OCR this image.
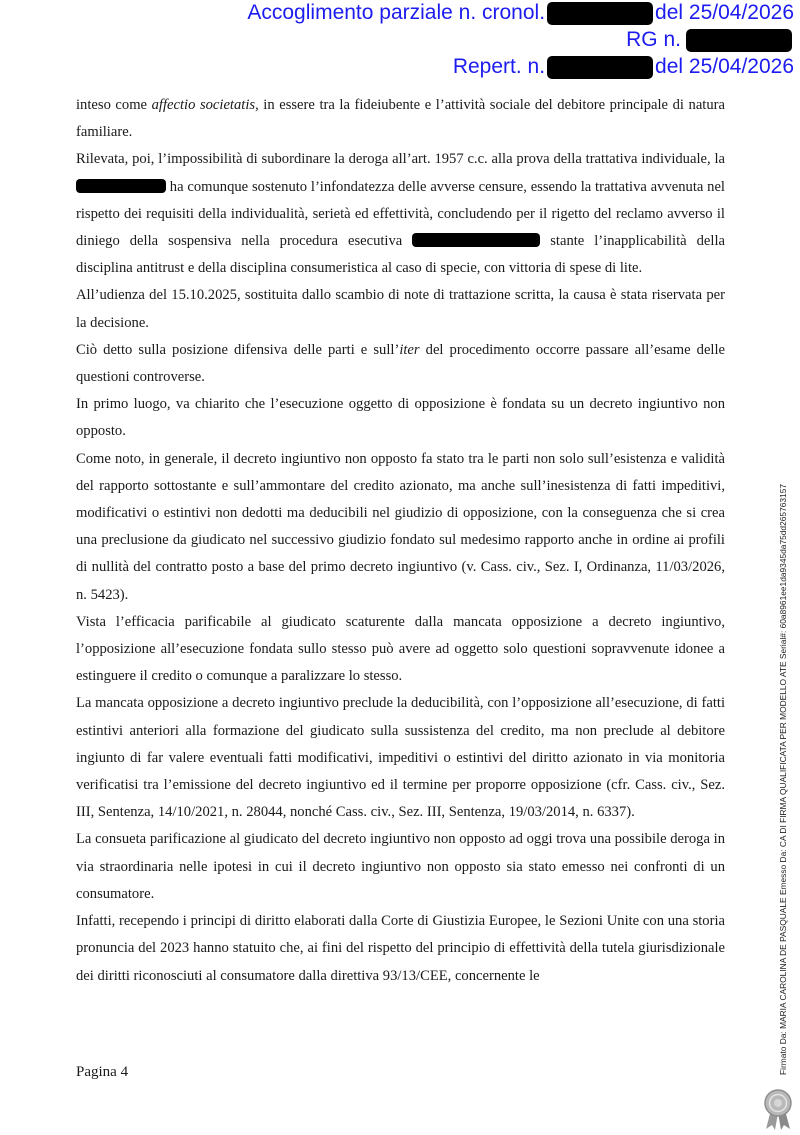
Accoglimento parziale n. cronol.	del 25/04/2026
RG n.
Repert. n.	del 25/04/2026

inteso come affectio societatis, in essere tra la fideiubente e l’attività sociale del debitore principale di natura familiare.

Rilevata, poi, l’impossibilità di subordinare la deroga all’art. 1957 c.c. alla prova della trattativa individuale, la  ha comunque sostenuto l’infondatezza delle avverse censure, essendo la trattativa avvenuta nel rispetto dei requisiti della individualità, serietà ed effettività, concludendo per il rigetto del reclamo avverso il diniego della sospensiva nella procedura esecutiva	stante l’inapplicabilità della disciplina antitrust e della disciplina consumeristica al caso di specie, con vittoria di spese di lite.

All’udienza del 15.10.2025, sostituita dallo scambio di note di trattazione scritta, la causa è stata riservata per la decisione.

Ciò detto sulla posizione difensiva delle parti e sull’iter del procedimento occorre passare all’esame delle questioni controverse.

In primo luogo, va chiarito che l’esecuzione oggetto di opposizione è fondata su un decreto ingiuntivo non opposto.

Come noto, in generale, il decreto ingiuntivo non opposto fa stato tra le parti non solo sull’esistenza e validità del rapporto sottostante e sull’ammontare del credito azionato, ma anche sull’inesistenza di fatti impeditivi, modificativi o estintivi non dedotti ma deducibili nel giudizio di opposizione, con la conseguenza che si crea una preclusione da giudicato nel successivo giudizio fondato sul medesimo rapporto anche in ordine ai profili di nullità del contratto posto a base del primo decreto ingiuntivo (v. Cass. civ., Sez. I, Ordinanza, 11/03/2026, n. 5423).

Vista l’efficacia parificabile al giudicato scaturente dalla mancata opposizione a decreto ingiuntivo, l’opposizione all’esecuzione fondata sullo stesso può avere ad oggetto solo questioni sopravvenute idonee a estinguere il credito o comunque a paralizzare lo stesso.

La mancata opposizione a decreto ingiuntivo preclude la deducibilità, con l’opposizione all’esecuzione, di fatti estintivi anteriori alla formazione del giudicato sulla sussistenza del credito, ma non preclude al debitore ingiunto di far valere eventuali fatti modificativi, impeditivi o estintivi del diritto azionato in via monitoria verificatisi tra l’emissione del decreto ingiuntivo ed il termine per proporre opposizione (cfr. Cass. civ., Sez. III, Sentenza, 14/10/2021, n. 28044, nonché Cass. civ., Sez. III, Sentenza, 19/03/2014, n. 6337).

La consueta parificazione al giudicato del decreto ingiuntivo non opposto ad oggi trova una possibile deroga in via straordinaria nelle ipotesi in cui il decreto ingiuntivo non opposto sia stato emesso nei confronti di un consumatore.

Infatti, recependo i principi di diritto elaborati dalla Corte di Giustizia Europee, le Sezioni Unite con una storia pronuncia del 2023 hanno statuito che, ai fini del rispetto del principio di effettività della tutela giurisdizionale dei diritti riconosciuti al consumatore dalla direttiva 93/13/CEE, concernente le

Pagina 4	Firmato Da: MARIA CAROLINA DE PASQUALE Emesso Da: CA DI FIRMA QUALIFICATA PER MODELLO ATE Serial#: 60a8961ee1da9345da75dd265763157
